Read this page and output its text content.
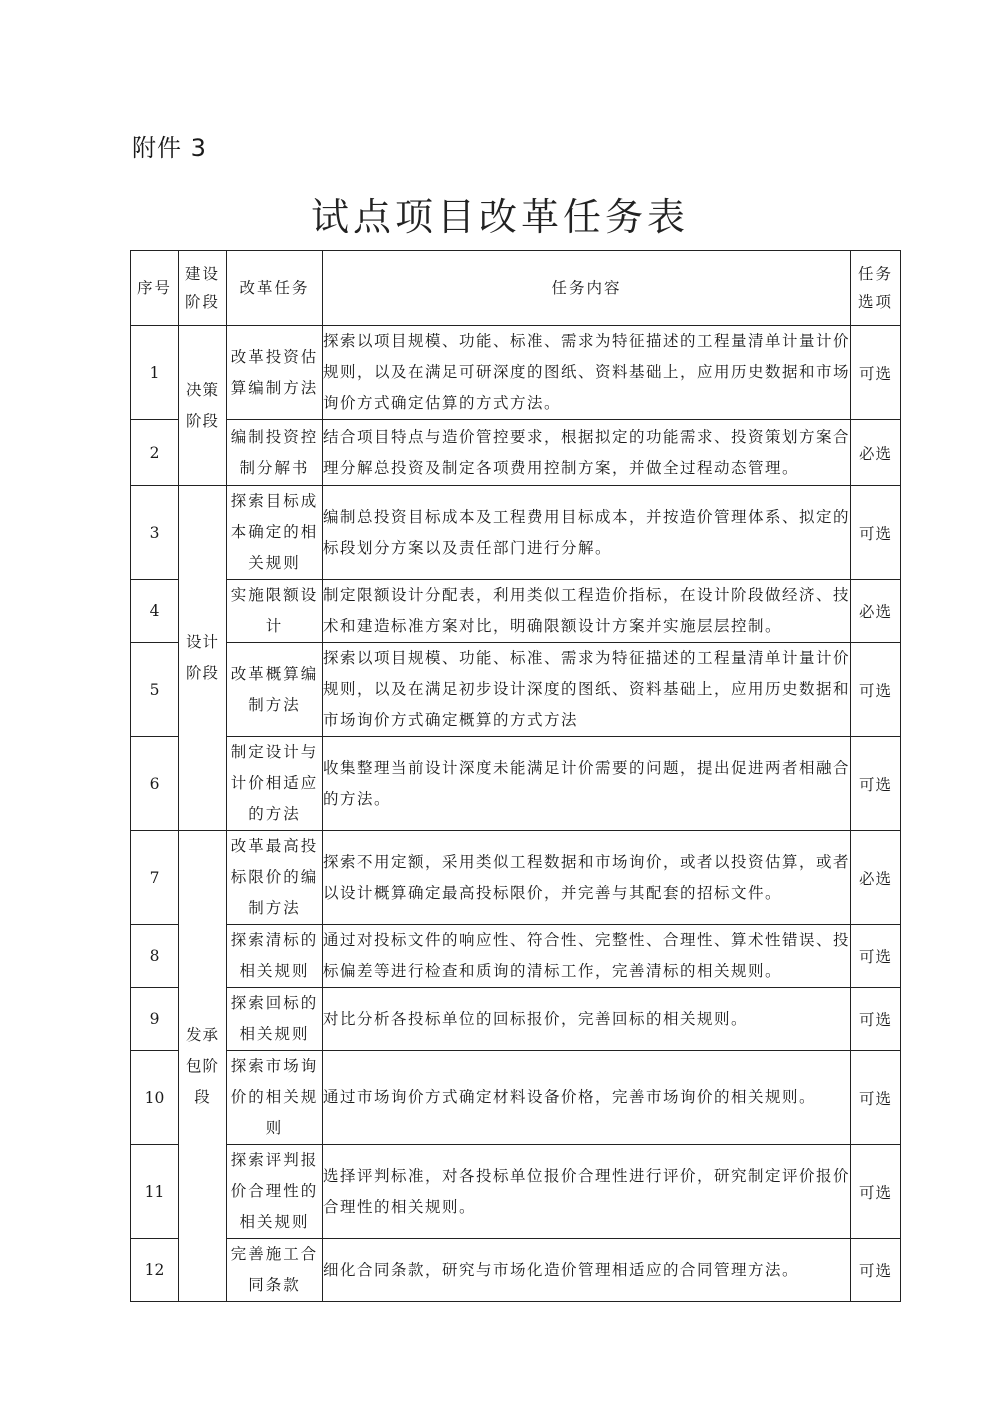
附件 3
试点项目改革任务表
序号	建设阶段	改革任务	任务内容	任务选项
1	决策阶段	改革投资估算编制方法	探索以项目规模、功能、标准、需求为特征描述的工程量清单计量计价规则，以及在满足可研深度的图纸、资料基础上，应用历史数据和市场询价方式确定估算的方式方法。	可选
2		编制投资控制分解书	结合项目特点与造价管控要求，根据拟定的功能需求、投资策划方案合理分解总投资及制定各项费用控制方案，并做全过程动态管理。	必选
3	设计阶段	探索目标成本确定的相关规则	编制总投资目标成本及工程费用目标成本，并按造价管理体系、拟定的标段划分方案以及责任部门进行分解。	可选
4		实施限额设计	制定限额设计分配表，利用类似工程造价指标，在设计阶段做经济、技术和建造标准方案对比，明确限额设计方案并实施层层控制。	必选
5		改革概算编制方法	探索以项目规模、功能、标准、需求为特征描述的工程量清单计量计价规则，以及在满足初步设计深度的图纸、资料基础上，应用历史数据和市场询价方式确定概算的方式方法	可选
6		制定设计与计价相适应的方法	收集整理当前设计深度未能满足计价需要的问题，提出促进两者相融合的方法。	可选
7	发承包阶段	改革最高投标限价的编制方法	探索不用定额，采用类似工程数据和市场询价，或者以投资估算，或者以设计概算确定最高投标限价，并完善与其配套的招标文件。	必选
8		探索清标的相关规则	通过对投标文件的响应性、符合性、完整性、合理性、算术性错误、投标偏差等进行检查和质询的清标工作，完善清标的相关规则。	可选
9		探索回标的相关规则	对比分析各投标单位的回标报价，完善回标的相关规则。	可选
10		探索市场询价的相关规则	通过市场询价方式确定材料设备价格，完善市场询价的相关规则。	可选
11		探索评判报价合理性的相关规则	选择评判标准，对各投标单位报价合理性进行评价，研究制定评价报价合理性的相关规则。	可选
12		完善施工合同条款	细化合同条款，研究与市场化造价管理相适应的合同管理方法。	可选
